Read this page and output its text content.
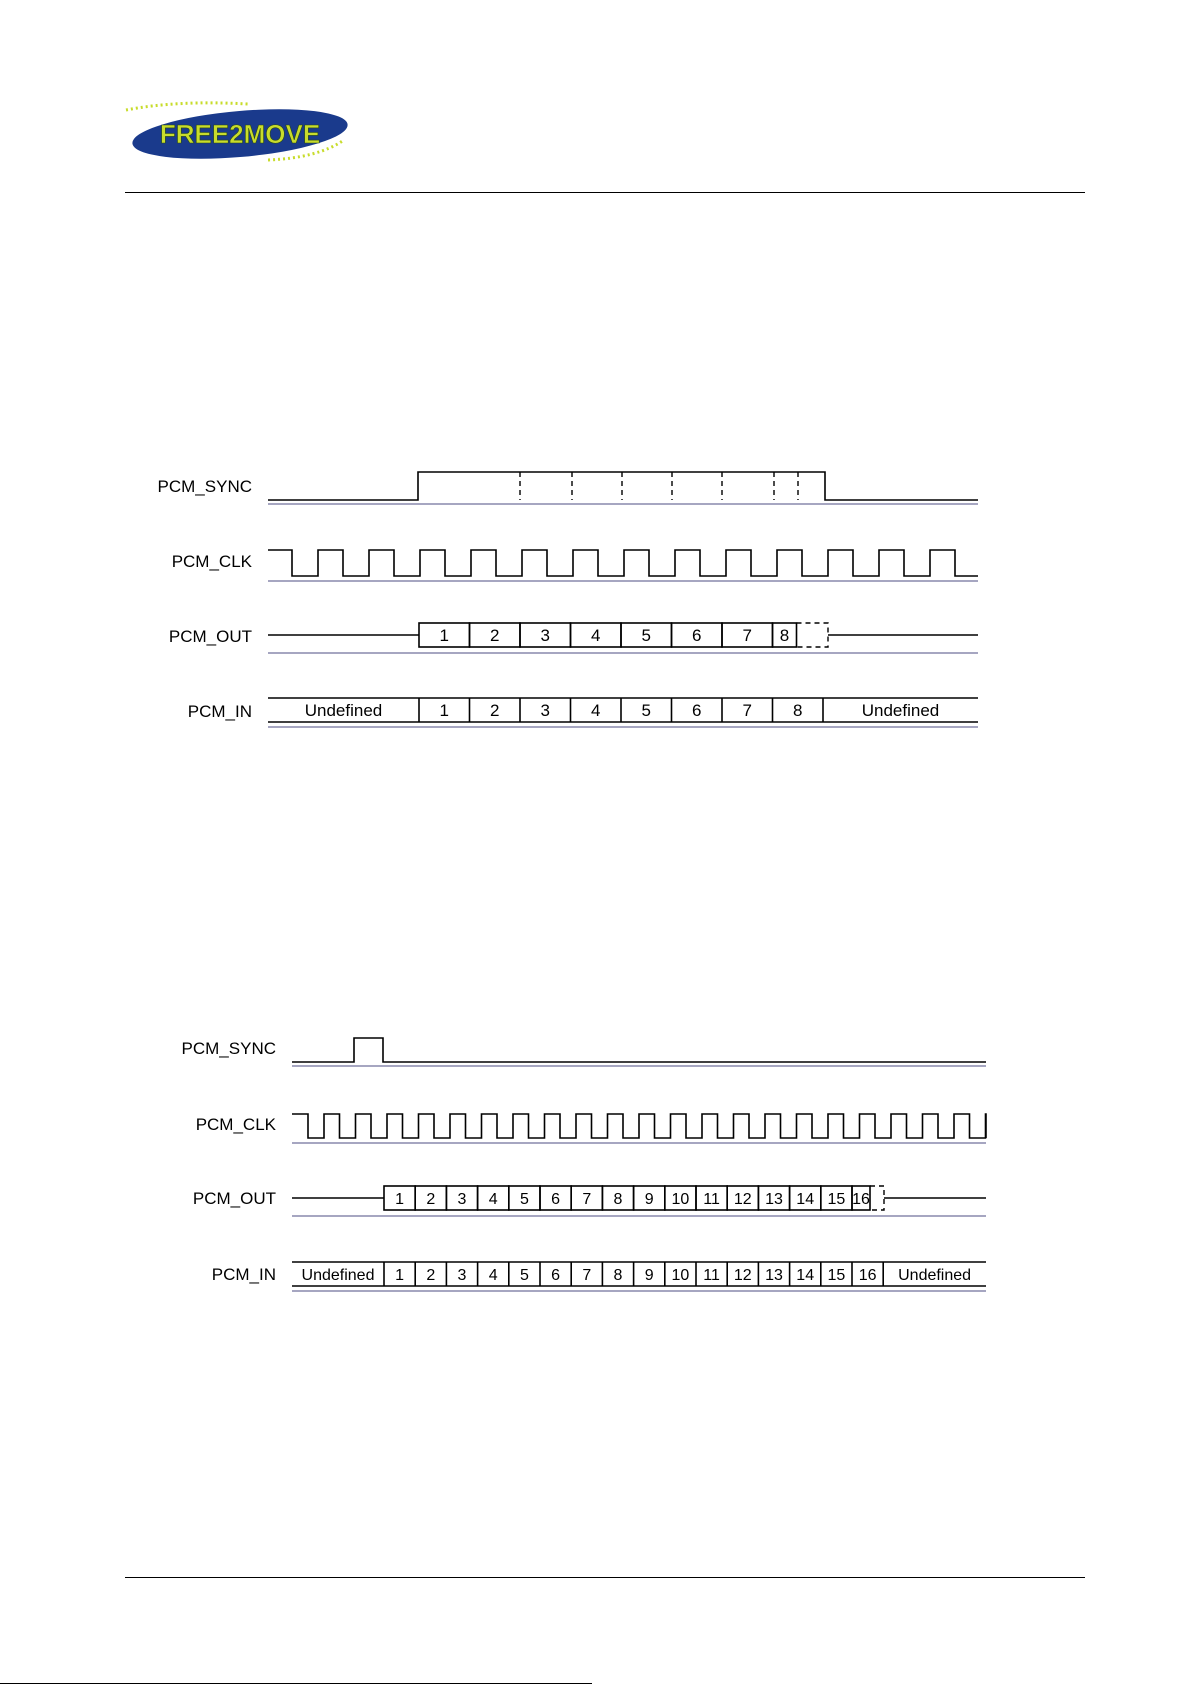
FREE2MOVE
PCM_SYNC
PCM_CLK
PCM_OUT
PCM_IN
1 2 3 4 5 6 7 8
Undefined	1 2 3 4 5 6 7 8	Undefined
PCM_SYNC
PCM_CLK
PCM_OUT
PCM_IN
1 2 3 4 5 6 7 8 9 10 11 12 13 14 15 16
Undefined 1 2 3 4 5 6 7 8 9 10 11 12 13 14 15 16 Undefined
